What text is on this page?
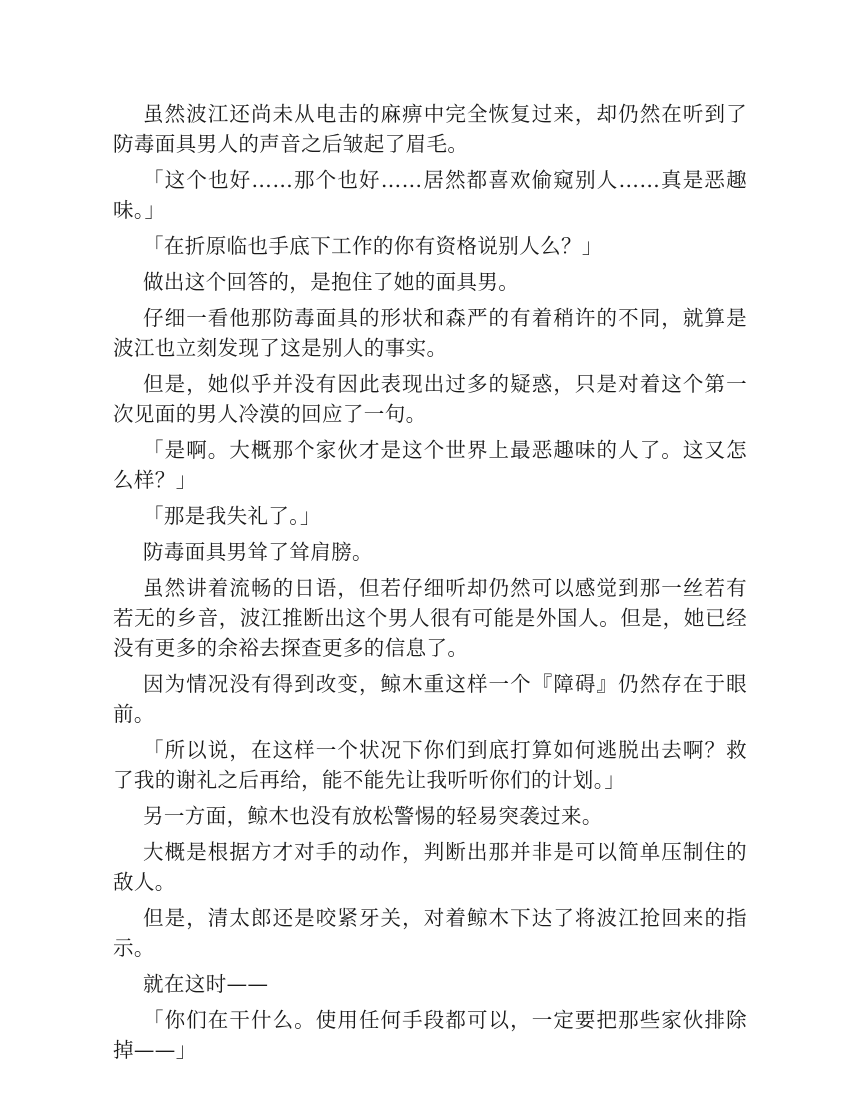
虽然波江还尚未从电击的麻痹中完全恢复过来，却仍然在听到了防毒面具男人的声音之后皱起了眉毛。

「这个也好……那个也好……居然都喜欢偷窥别人……真是恶趣味。」

「在折原临也手底下工作的你有资格说别人么？」

做出这个回答的，是抱住了她的面具男。

仔细一看他那防毒面具的形状和森严的有着稍许的不同，就算是波江也立刻发现了这是别人的事实。

但是，她似乎并没有因此表现出过多的疑惑，只是对着这个第一次见面的男人冷漠的回应了一句。

「是啊。大概那个家伙才是这个世界上最恶趣味的人了。这又怎么样？」

「那是我失礼了。」

防毒面具男耸了耸肩膀。

虽然讲着流畅的日语，但若仔细听却仍然可以感觉到那一丝若有若无的乡音，波江推断出这个男人很有可能是外国人。但是，她已经没有更多的余裕去探查更多的信息了。

因为情况没有得到改变，鲸木重这样一个『障碍』仍然存在于眼前。

「所以说，在这样一个状况下你们到底打算如何逃脱出去啊？救了我的谢礼之后再给，能不能先让我听听你们的计划。」

另一方面，鲸木也没有放松警惕的轻易突袭过来。

大概是根据方才对手的动作，判断出那并非是可以简单压制住的敌人。

但是，清太郎还是咬紧牙关，对着鲸木下达了将波江抢回来的指示。

就在这时——

「你们在干什么。使用任何手段都可以，一定要把那些家伙排除掉——」
